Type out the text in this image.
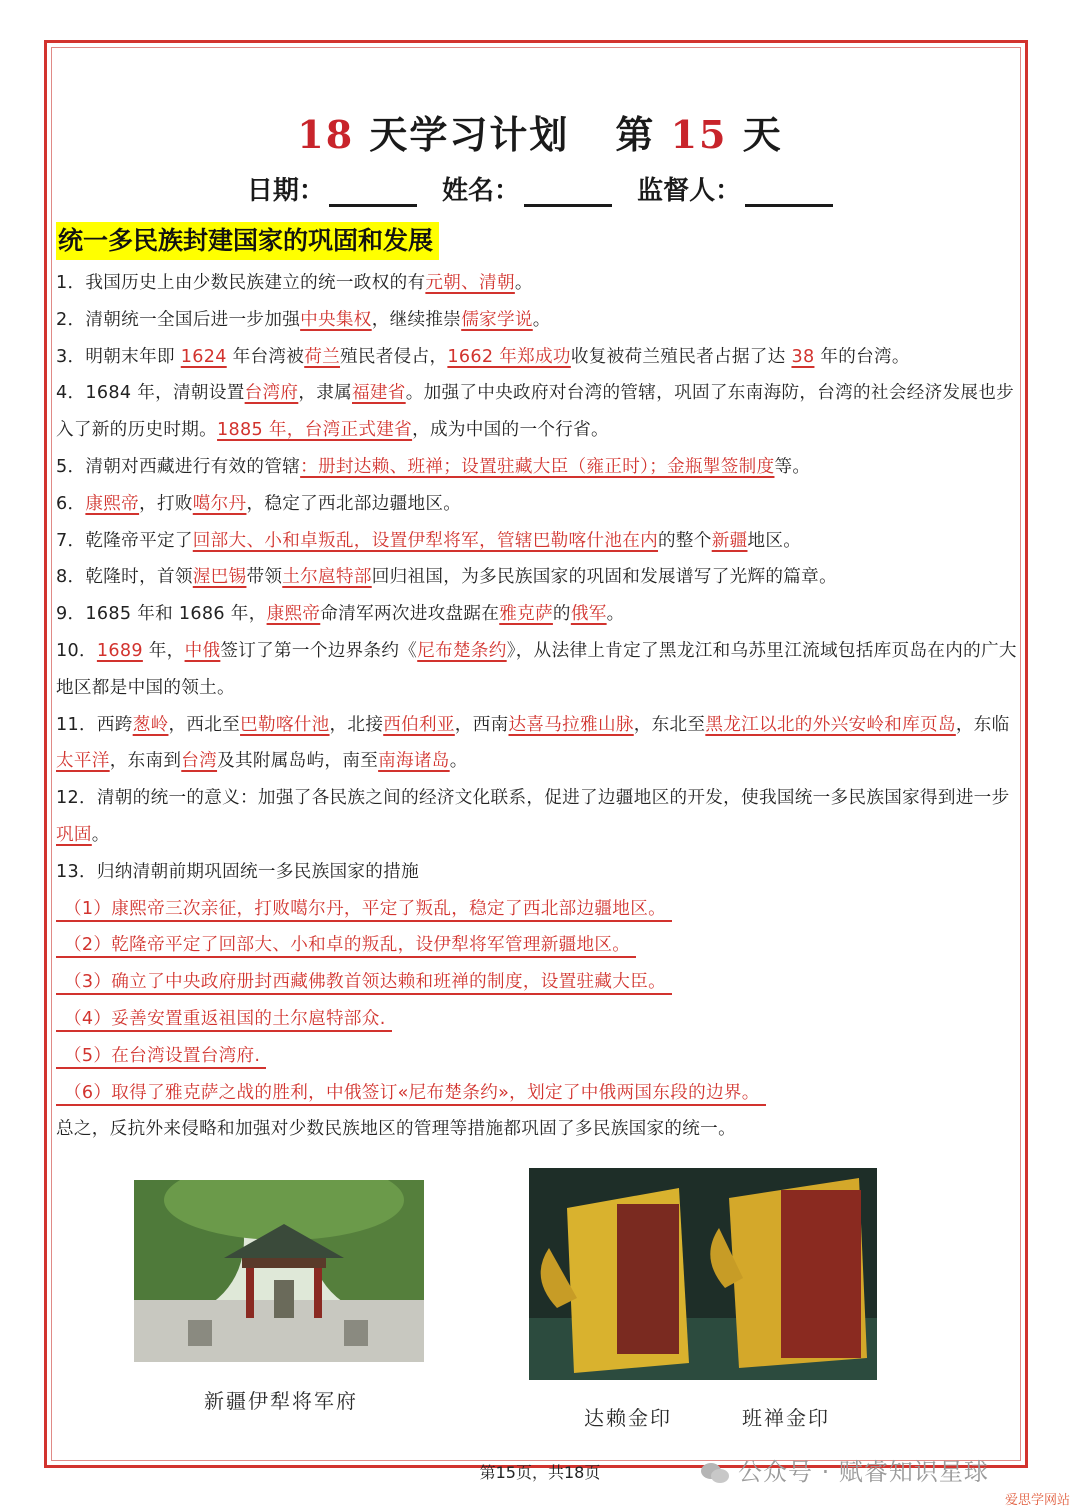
18 天学习计划 第 15 天
日期：	姓名：	监督人：
统一多民族封建国家的巩固和发展

1．我国历史上由少数民族建立的统一政权的有元朝、清朝。

2．清朝统一全国后进一步加强中央集权，继续推崇儒家学说。

3．明朝末年即 1624 年台湾被荷兰殖民者侵占，1662 年郑成功收复被荷兰殖民者占据了达 38 年的台湾。

4．1684 年，清朝设置台湾府，隶属福建省。加强了中央政府对台湾的管辖，巩固了东南海防，台湾的社会经济发展也步入了新的历史时期。1885 年，台湾正式建省，成为中国的一个行省。

5．清朝对西藏进行有效的管辖：册封达赖、班禅；设置驻藏大臣（雍正时）；金瓶掣签制度等。

6．康熙帝，打败噶尔丹，稳定了西北部边疆地区。

7．乾隆帝平定了回部大、小和卓叛乱，设置伊犁将军，管辖巴勒喀什池在内的整个新疆地区。

8．乾隆时，首领渥巴锡带领土尔扈特部回归祖国，为多民族国家的巩固和发展谱写了光辉的篇章。

9．1685 年和 1686 年，康熙帝命清军两次进攻盘踞在雅克萨的俄军。

10．1689 年，中俄签订了第一个边界条约《尼布楚条约》，从法律上肯定了黑龙江和乌苏里江流域包括库页岛在内的广大地区都是中国的领土。

11．西跨葱岭，西北至巴勒喀什池，北接西伯利亚，西南达喜马拉雅山脉，东北至黑龙江以北的外兴安岭和库页岛，东临太平洋，东南到台湾及其附属岛屿，南至南海诸岛。

12．清朝的统一的意义：加强了各民族之间的经济文化联系，促进了边疆地区的开发，使我国统一多民族国家得到进一步巩固。

13．归纳清朝前期巩固统一多民族国家的措施

（1）康熙帝三次亲征，打败噶尔丹，平定了叛乱，稳定了西北部边疆地区。

（2）乾隆帝平定了回部大、小和卓的叛乱，设伊犁将军管理新疆地区。

（3）确立了中央政府册封西藏佛教首领达赖和班禅的制度，设置驻藏大臣。

（4）妥善安置重返祖国的土尔扈特部众.

（5）在台湾设置台湾府.

（6）取得了雅克萨之战的胜利，中俄签订«尼布楚条约»，划定了中俄两国东段的边界。

总之，反抗外来侵略和加强对少数民族地区的管理等措施都巩固了多民族国家的统一。

新疆伊犁将军府
达赖金印	班禅金印
第15页，共18页	公众号 · 赋睿知识星球
爱思学网站
